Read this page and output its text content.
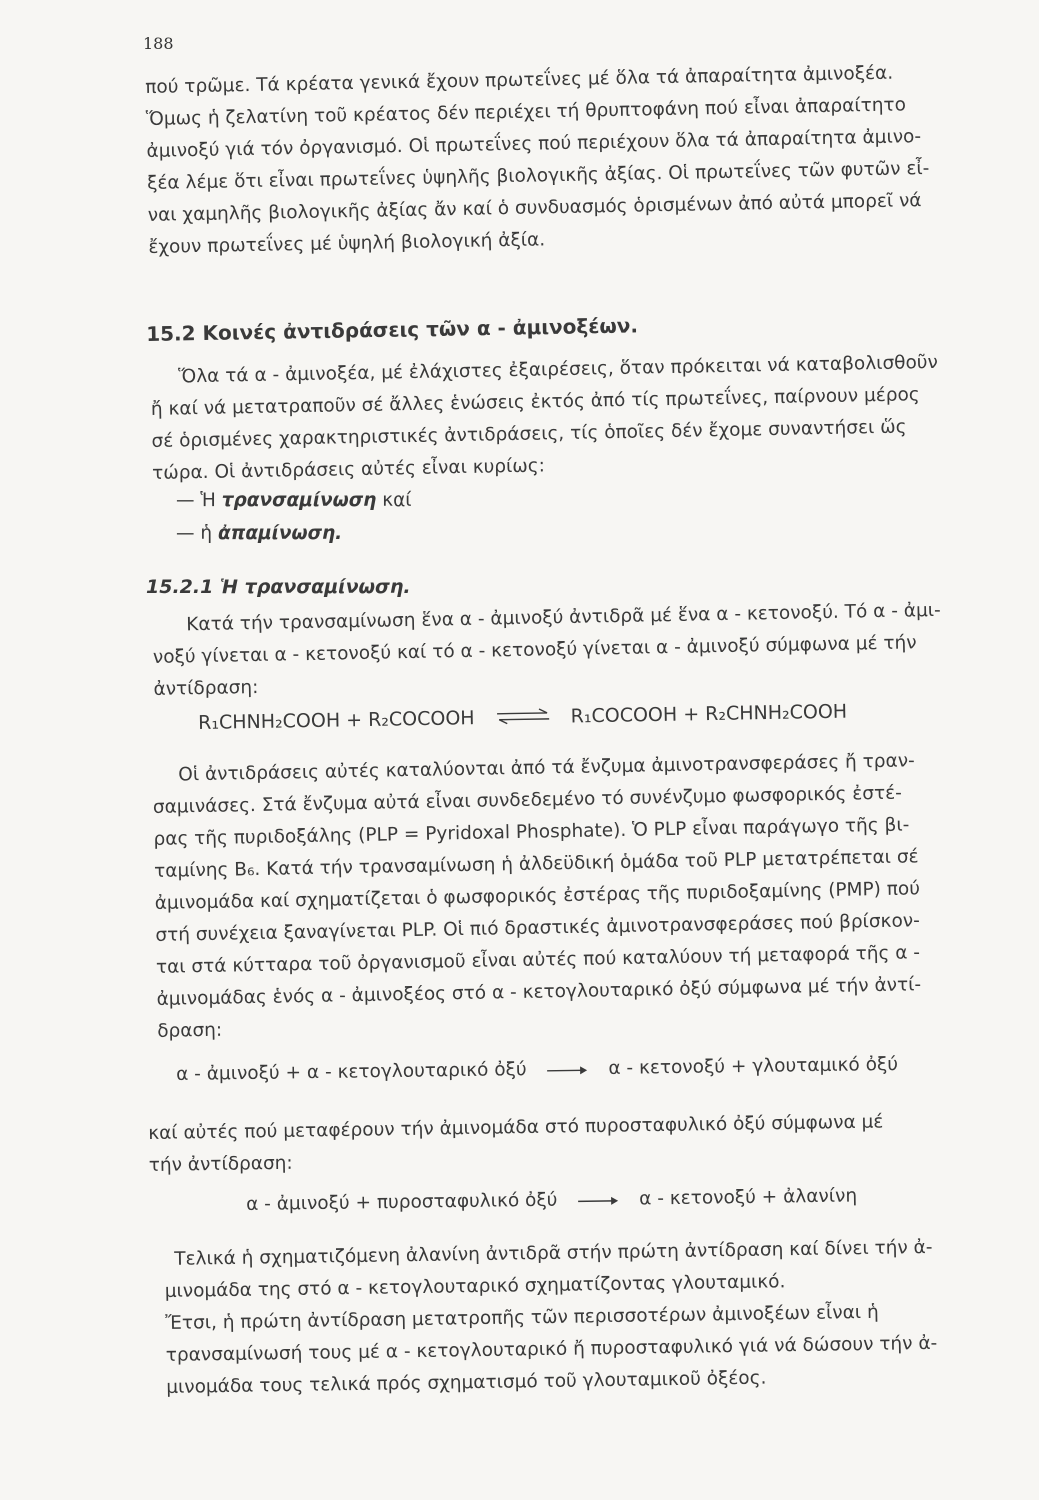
188
πού τρῶμε. Τά κρέατα γενικά ἔχουν πρωτεΐνες μέ ὅλα τά ἀπαραίτητα ἀμινοξέα.
Ὅμως ἡ ζελατίνη τοῦ κρέατος δέν περιέχει τή θρυπτοφάνη πού εἶναι ἀπαραίτητο
ἀμινοξύ γιά τόν ὀργανισμό. Οἱ πρωτεΐνες πού περιέχουν ὅλα τά ἀπαραίτητα ἀμινο-
ξέα λέμε ὅτι εἶναι πρωτεΐνες ὑψηλῆς βιολογικῆς ἀξίας. Οἱ πρωτεΐνες τῶν φυτῶν εἶ-
ναι χαμηλῆς βιολογικῆς ἀξίας ἄν καί ὁ συνδυασμός ὁρισμένων ἀπό αὐτά μπορεῖ νά
ἔχουν πρωτεΐνες μέ ὑψηλή βιολογική ἀξία.
15.2 Κοινές ἀντιδράσεις τῶν α - ἀμινοξέων.
Ὅλα τά α - ἀμινοξέα, μέ ἐλάχιστες ἐξαιρέσεις, ὅταν πρόκειται νά καταβολισθοῦν
ἤ καί νά μετατραποῦν σέ ἄλλες ἑνώσεις ἐκτός ἀπό τίς πρωτεΐνες, παίρνουν μέρος
σέ ὁρισμένες χαρακτηριστικές ἀντιδράσεις, τίς ὁποῖες δέν ἔχομε συναντήσει ὥς
τώρα. Οἱ ἀντιδράσεις αὐτές εἶναι κυρίως:
— Ἡ τρανσαμίνωση καί
— ἡ ἀπαμίνωση.
15.2.1 Ἡ τρανσαμίνωση.
Κατά τήν τρανσαμίνωση ἕνα α - ἀμινοξύ ἀντιδρᾶ μέ ἕνα α - κετονοξύ. Τό α - ἀμι-
νοξύ γίνεται α - κετονοξύ καί τό α - κετονοξύ γίνεται α - ἀμινοξύ σύμφωνα μέ τήν
ἀντίδραση:
R₁CHNH₂COOH + R₂COCOOH ⇌ R₁COCOOH + R₂CHNH₂COOH
Οἱ ἀντιδράσεις αὐτές καταλύονται ἀπό τά ἔνζυμα ἀμινοτρανσφεράσες ἤ τραν-
σαμινάσες. Στά ἔνζυμα αὐτά εἶναι συνδεδεμένο τό συνένζυμο φωσφορικός ἐστέ-
ρας τῆς πυριδοξάλης (PLP = Pyridoxal Phosphate). Ὁ PLP εἶναι παράγωγο τῆς βι-
ταμίνης B₆. Κατά τήν τρανσαμίνωση ἡ ἀλδεϋδική ὁμάδα τοῦ PLP μετατρέπεται σέ
ἀμινομάδα καί σχηματίζεται ὁ φωσφορικός ἐστέρας τῆς πυριδοξαμίνης (PMP) πού
στή συνέχεια ξαναγίνεται PLP. Οἱ πιό δραστικές ἀμινοτρανσφεράσες πού βρίσκον-
ται στά κύτταρα τοῦ ὀργανισμοῦ εἶναι αὐτές πού καταλύουν τή μεταφορά τῆς α -
ἀμινομάδας ἑνός α - ἀμινοξέος στό α - κετογλουταρικό ὀξύ σύμφωνα μέ τήν ἀντί-
δραση:
α - ἀμινοξύ + α - κετογλουταρικό ὀξύ	α - κετονοξύ + γλουταμικό ὀξύ
καί αὐτές πού μεταφέρουν τήν ἀμινομάδα στό πυροσταφυλικό ὀξύ σύμφωνα μέ
τήν ἀντίδραση:
α - ἀμινοξύ + πυροσταφυλικό ὀξύ	α - κετονοξύ + ἀλανίνη
Τελικά ἡ σχηματιζόμενη ἀλανίνη ἀντιδρᾶ στήν πρώτη ἀντίδραση καί δίνει τήν ἀ-
μινομάδα της στό α - κετογλουταρικό σχηματίζοντας γλουταμικό.
Ἔτσι, ἡ πρώτη ἀντίδραση μετατροπῆς τῶν περισσοτέρων ἀμινοξέων εἶναι ἡ
τρανσαμίνωσή τους μέ α - κετογλουταρικό ἤ πυροσταφυλικό γιά νά δώσουν τήν ἀ-
μινομάδα τους τελικά πρός σχηματισμό τοῦ γλουταμικοῦ ὀξέος.
